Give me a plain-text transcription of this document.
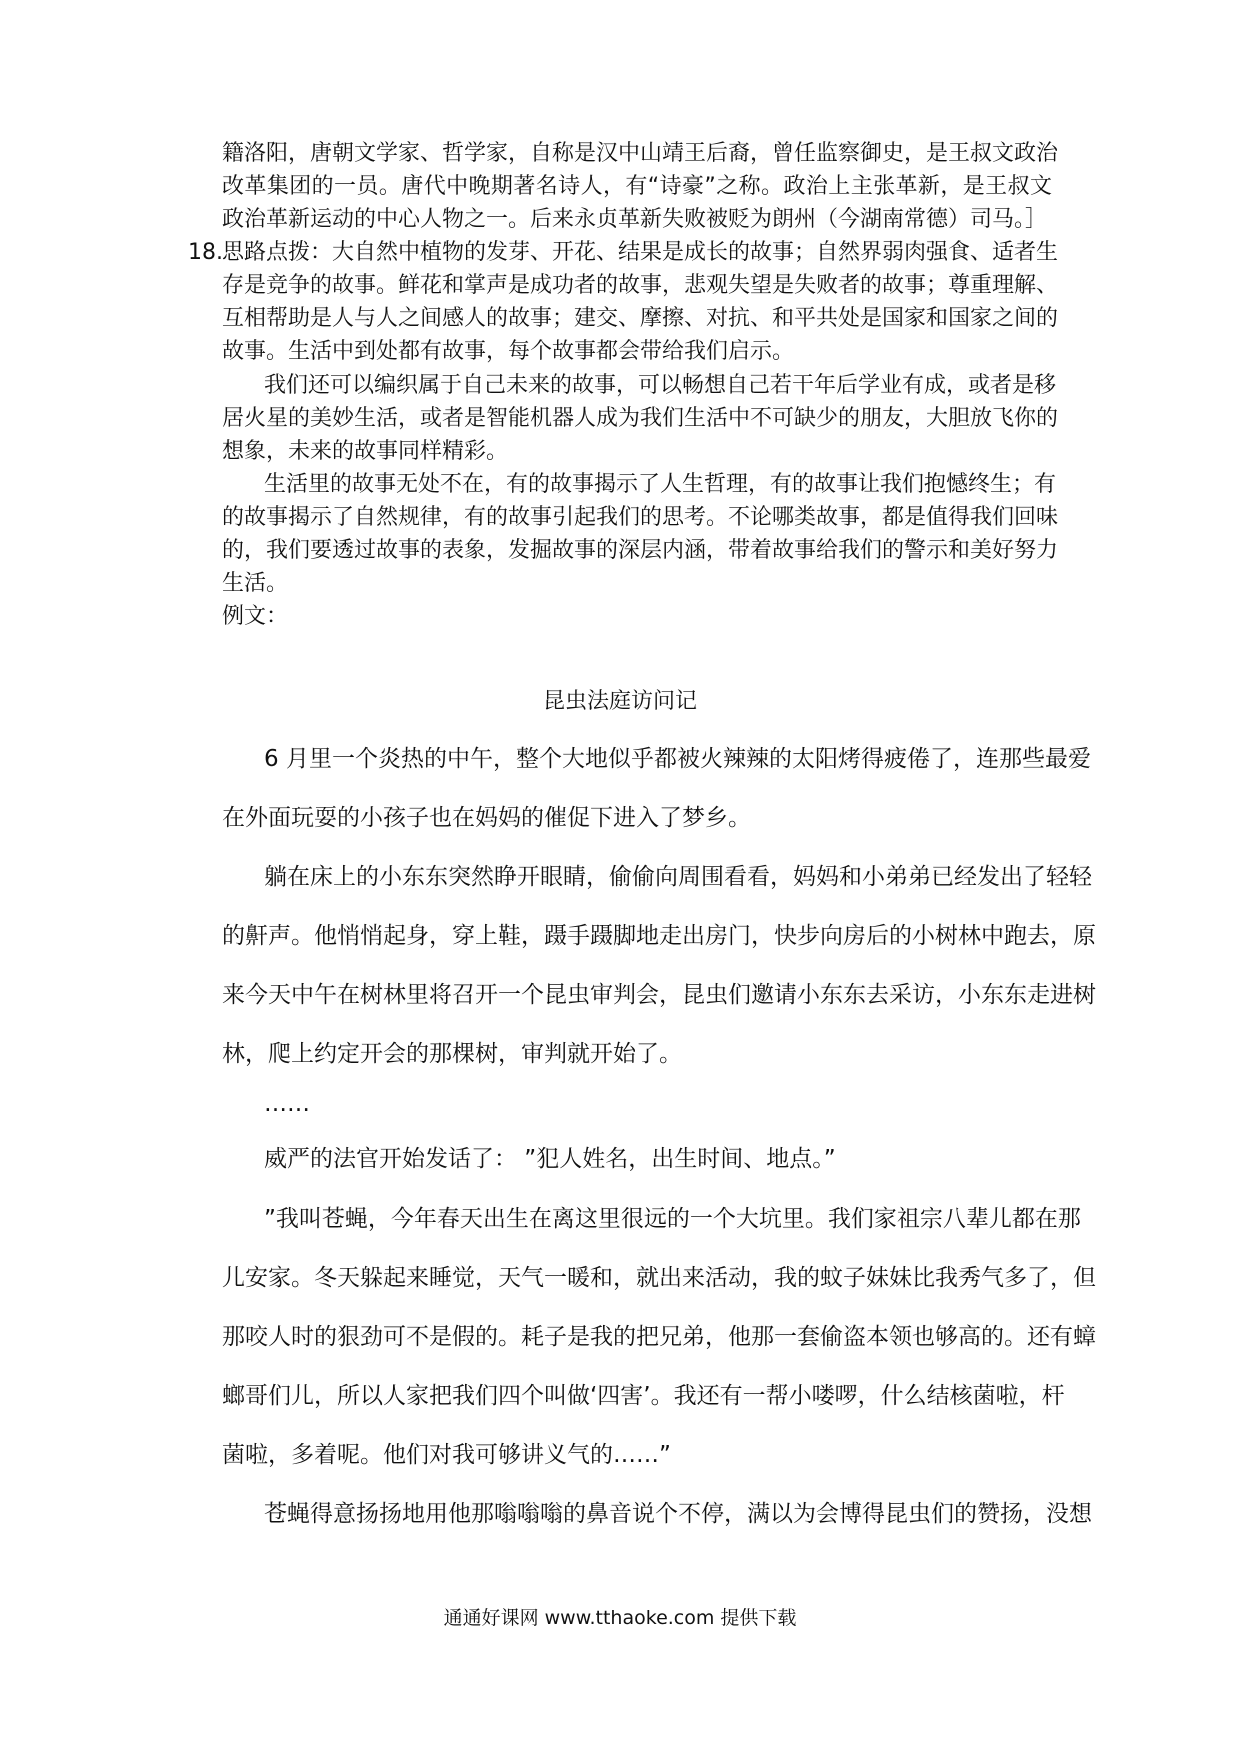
籍洛阳，唐朝文学家、哲学家，自称是汉中山靖王后裔，曾任监察御史，是王叔文政治
改革集团的一员。唐代中晚期著名诗人，有“诗豪”之称。政治上主张革新，是王叔文
政治革新运动的中心人物之一。后来永贞革新失败被贬为朗州（今湖南常德）司马。］
18. 思路点拨：大自然中植物的发芽、开花、结果是成长的故事；自然界弱肉强食、适者生
存是竞争的故事。鲜花和掌声是成功者的故事，悲观失望是失败者的故事；尊重理解、
互相帮助是人与人之间感人的故事；建交、摩擦、对抗、和平共处是国家和国家之间的
故事。生活中到处都有故事，每个故事都会带给我们启示。
我们还可以编织属于自己未来的故事，可以畅想自己若干年后学业有成，或者是移
居火星的美妙生活，或者是智能机器人成为我们生活中不可缺少的朋友，大胆放飞你的
想象，未来的故事同样精彩。
生活里的故事无处不在，有的故事揭示了人生哲理，有的故事让我们抱憾终生；有
的故事揭示了自然规律，有的故事引起我们的思考。不论哪类故事，都是值得我们回味
的，我们要透过故事的表象，发掘故事的深层内涵，带着故事给我们的警示和美好努力
生活。
例文：
昆虫法庭访问记
6 月里一个炎热的中午，整个大地似乎都被火辣辣的太阳烤得疲倦了，连那些最爱
在外面玩耍的小孩子也在妈妈的催促下进入了梦乡。
躺在床上的小东东突然睁开眼睛，偷偷向周围看看，妈妈和小弟弟已经发出了轻轻
的鼾声。他悄悄起身，穿上鞋，蹑手蹑脚地走出房门，快步向房后的小树林中跑去，原
来今天中午在树林里将召开一个昆虫审判会，昆虫们邀请小东东去采访，小东东走进树
林，爬上约定开会的那棵树，审判就开始了。
……
威严的法官开始发话了： ”犯人姓名，出生时间、地点。”
”我叫苍蝇，今年春天出生在离这里很远的一个大坑里。我们家祖宗八辈儿都在那
儿安家。冬天躲起来睡觉，天气一暖和，就出来活动，我的蚊子妹妹比我秀气多了，但
那咬人时的狠劲可不是假的。耗子是我的把兄弟，他那一套偷盗本领也够高的。还有蟑
螂哥们儿，所以人家把我们四个叫做‘四害’。我还有一帮小喽啰，什么结核菌啦，杆
菌啦，多着呢。他们对我可够讲义气的……”
苍蝇得意扬扬地用他那嗡嗡嗡的鼻音说个不停，满以为会博得昆虫们的赞扬，没想
通通好课网 www.tthaoke.com 提供下载
